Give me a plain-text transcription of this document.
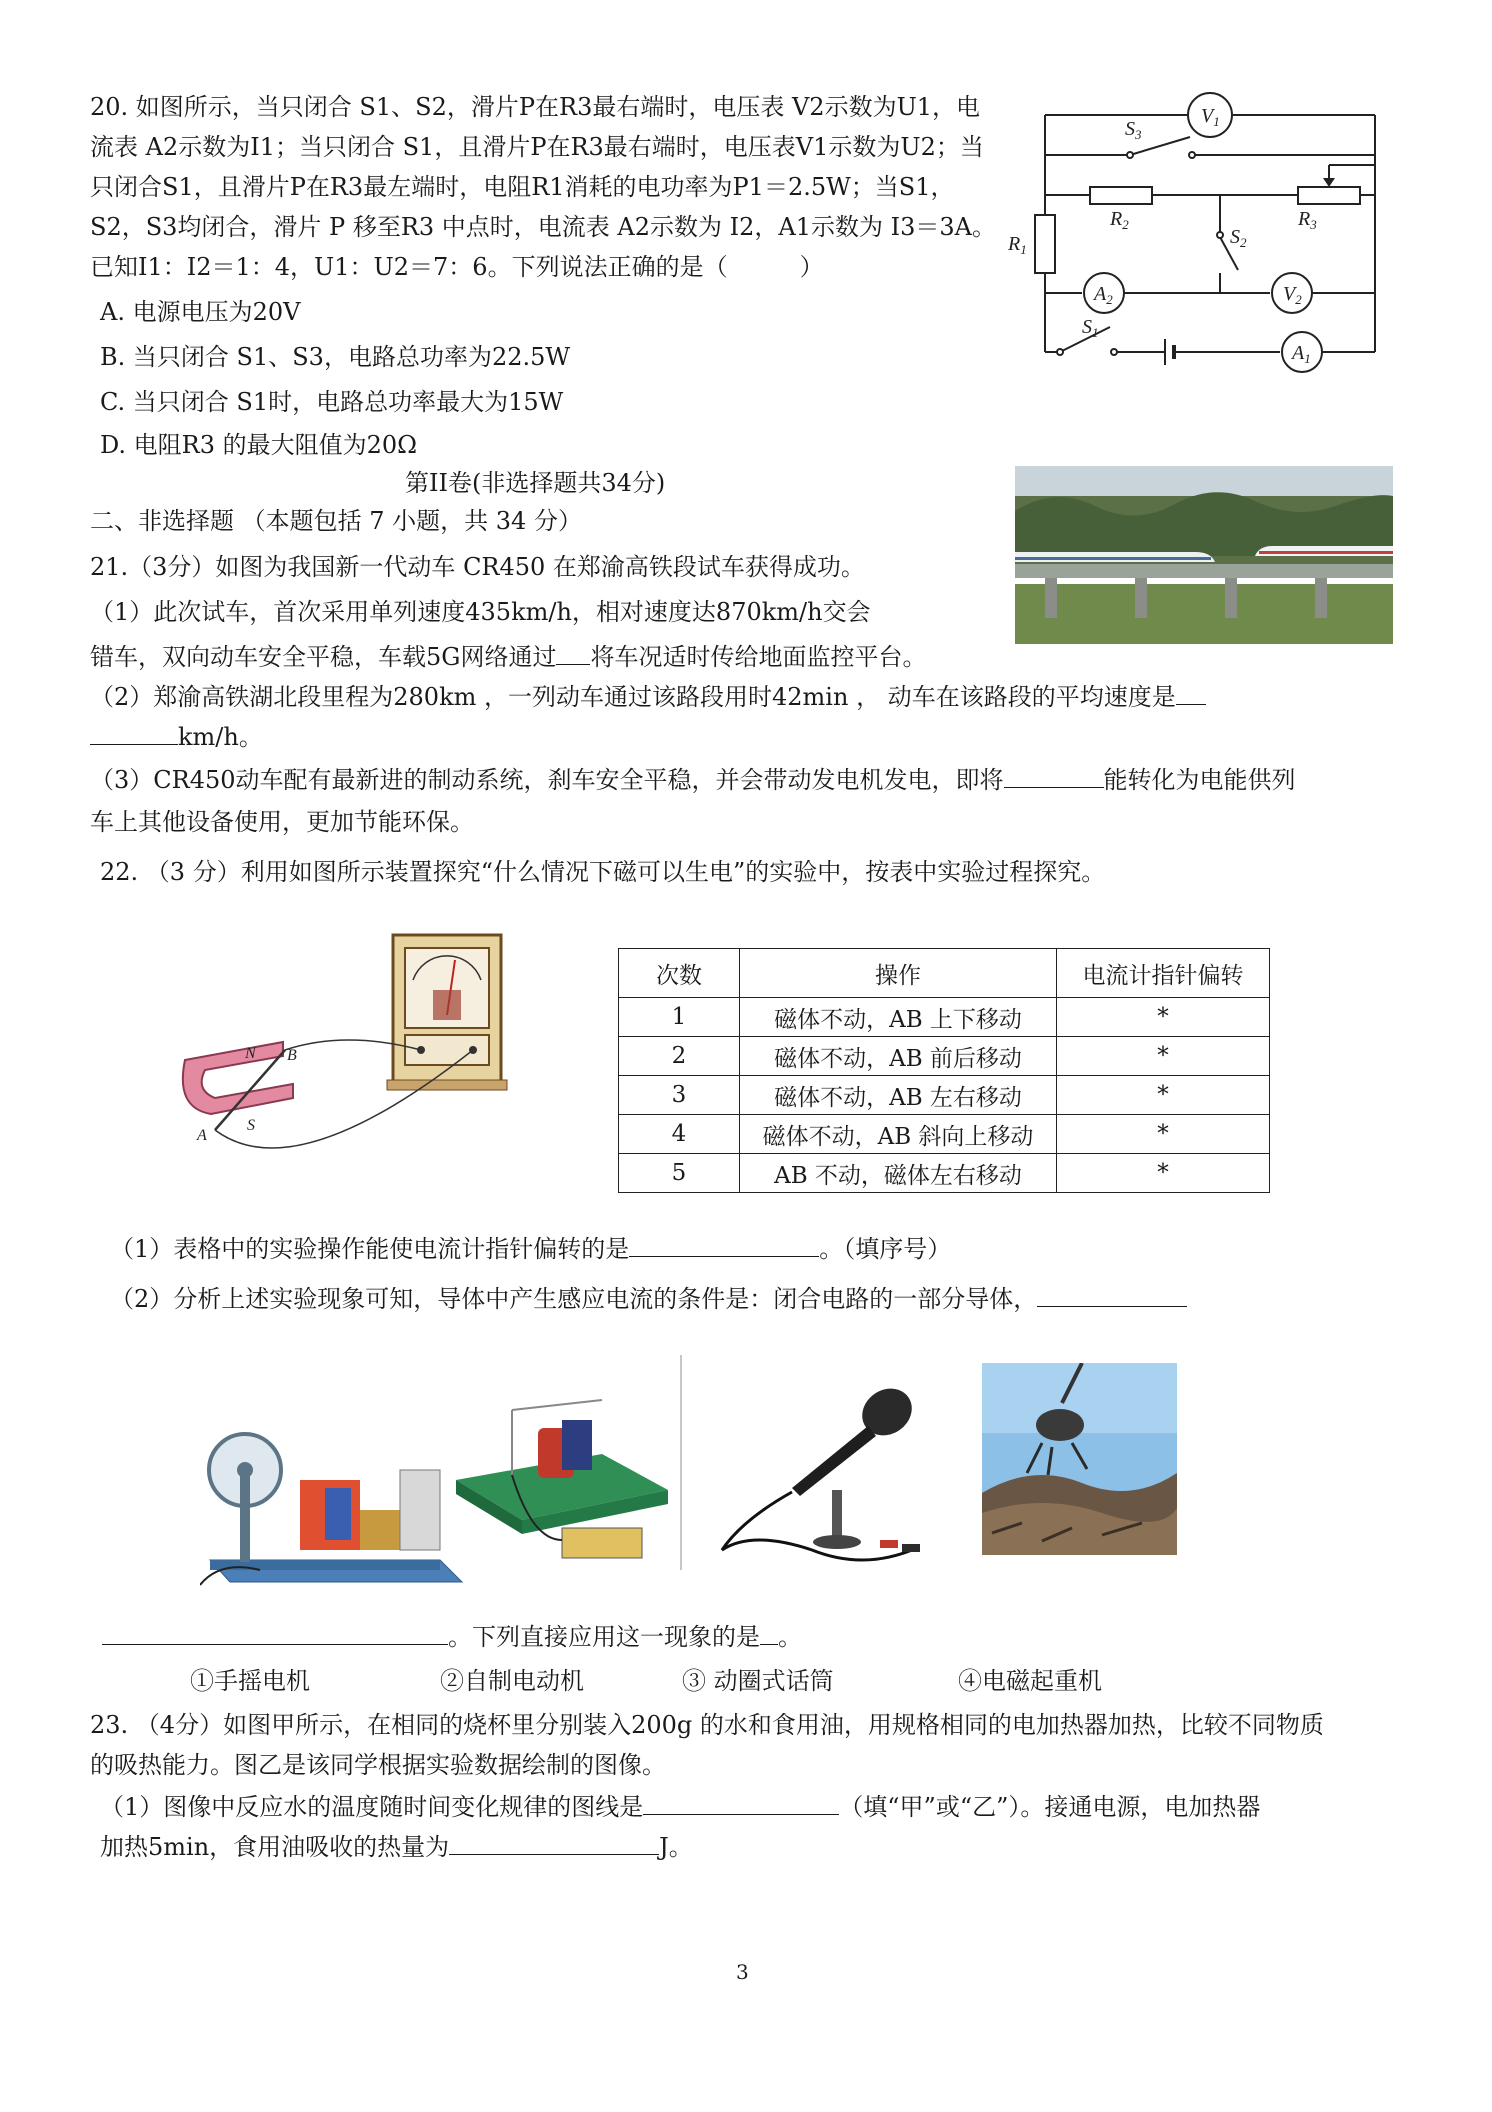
20. 如图所示，当只闭合 S1、S2，滑片P在R3最右端时，电压表 V2示数为U1，电
流表 A2示数为I1；当只闭合 S1，且滑片P在R3最右端时，电压表V1示数为U2；当
只闭合S1，且滑片P在R3最左端时，电阻R1消耗的电功率为P1＝2.5W；当S1，
S2，S3均闭合，滑片 P 移至R3 中点时，电流表 A2示数为 I2，A1示数为 I3＝3A。
已知I1：I2＝1：4，U1：U2＝7：6。下列说法正确的是（　　　）
A. 电源电压为20V
B. 当只闭合 S1、S3，电路总功率为22.5W
C. 当只闭合 S1时，电路总功率最大为15W
D. 电阻R3 的最大阻值为20Ω
$V_1$
$V_2$
$A_2$
$A_1$
$S_3$
$S_2$
$S_1$
$R_1$
$R_2$	$R_3$
第II卷(非选择题共34分)
二、非选择题 （本题包括 7 小题，共 34 分）
21.（3分）如图为我国新一代动车 CR450 在郑渝高铁段试车获得成功。
（1）此次试车，首次采用单列速度435km/h，相对速度达870km/h交会
错车，双向动车安全平稳，车载5G网络通过 将车况适时传给地面监控平台。
（2）郑渝高铁湖北段里程为280km ，一列动车通过该路段用时42min ， 动车在该路段的平均速度是
km/h。
（3）CR450动车配有最新进的制动系统，刹车安全平稳，并会带动发电机发电，即将	能转化为电能供列
车上其他设备使用，更加节能环保。
22. （3 分）利用如图所示装置探究“什么情况下磁可以生电”的实验中，按表中实验过程探究。
N
S
A
B
次数	操作	电流计指针偏转
1	磁体不动，AB 上下移动	*
2	磁体不动，AB 前后移动	*
3	磁体不动，AB 左右移动	*
4	磁体不动，AB 斜向上移动	*
5	AB 不动，磁体左右移动	*
（1）表格中的实验操作能使电流计指针偏转的是	。（填序号）
（2）分析上述实验现象可知，导体中产生感应电流的条件是：闭合电路的一部分导体，
。下列直接应用这一现象的是 。
①手摇电机	②自制电动机	③ 动圈式话筒	④电磁起重机
23. （4分）如图甲所示，在相同的烧杯里分别装入200g 的水和食用油，用规格相同的电加热器加热，比较不同物质
的吸热能力。图乙是该同学根据实验数据绘制的图像。
（1）图像中反应水的温度随时间变化规律的图线是	（填“甲”或“乙”）。接通电源，电加热器
加热5min，食用油吸收的热量为	J。
3
